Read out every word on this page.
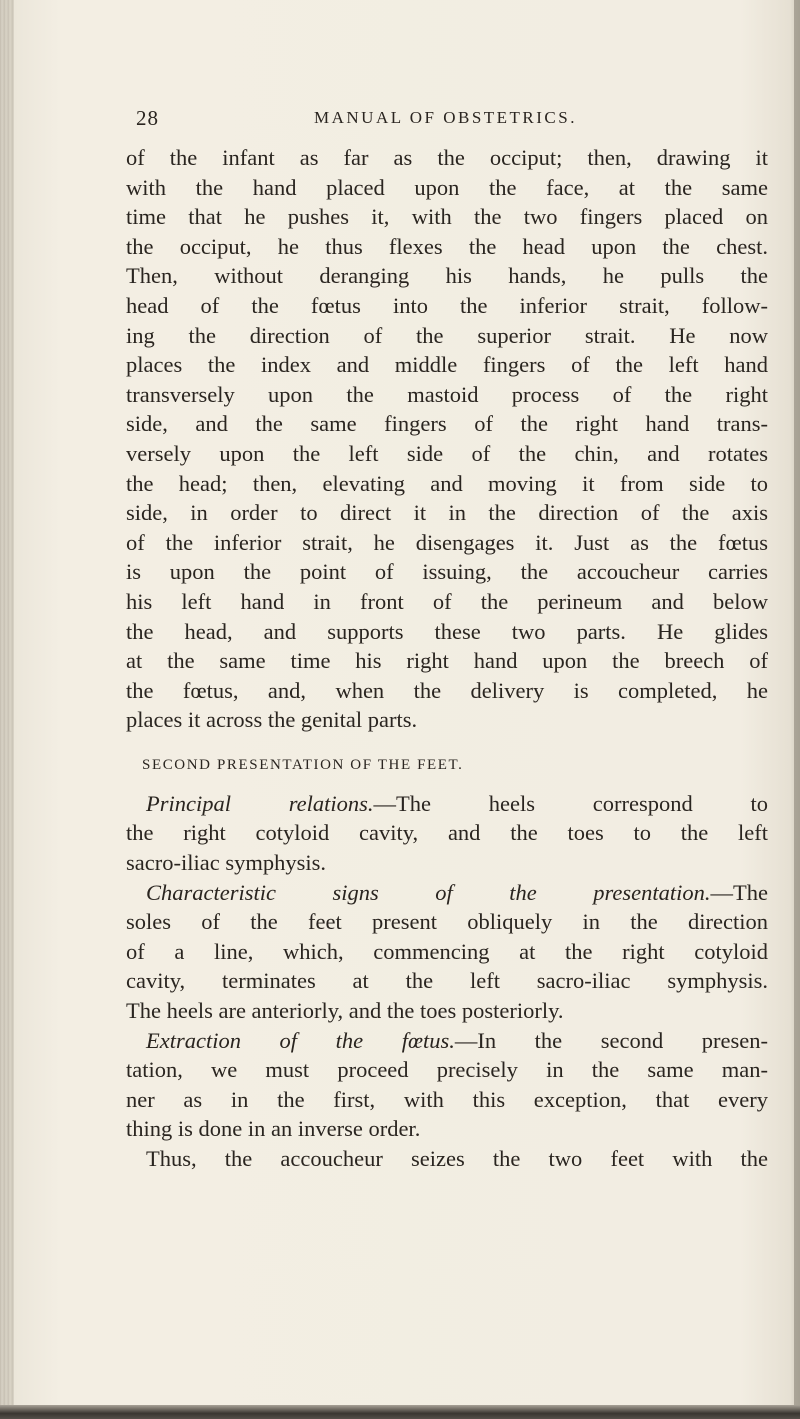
28	MANUAL OF OBSTETRICS.
of the infant as far as the occiput; then, drawing it
with the hand placed upon the face, at the same
time that he pushes it, with the two fingers placed on
the occiput, he thus flexes the head upon the chest.
Then, without deranging his hands, he pulls the
head of the fœtus into the inferior strait, follow-
ing the direction of the superior strait. He now
places the index and middle fingers of the left hand
transversely upon the mastoid process of the right
side, and the same fingers of the right hand trans-
versely upon the left side of the chin, and rotates
the head; then, elevating and moving it from side to
side, in order to direct it in the direction of the axis
of the inferior strait, he disengages it. Just as the fœtus
is upon the point of issuing, the accoucheur carries
his left hand in front of the perineum and below
the head, and supports these two parts. He glides
at the same time his right hand upon the breech of
the fœtus, and, when the delivery is completed, he
places it across the genital parts.
SECOND PRESENTATION OF THE FEET.
Principal relations.—The heels correspond to
the right cotyloid cavity, and the toes to the left
sacro-iliac symphysis.
Characteristic signs of the presentation.—The
soles of the feet present obliquely in the direction
of a line, which, commencing at the right cotyloid
cavity, terminates at the left sacro-iliac symphysis.
The heels are anteriorly, and the toes posteriorly.
Extraction of the fœtus.—In the second presen-
tation, we must proceed precisely in the same man-
ner as in the first, with this exception, that every
thing is done in an inverse order.
Thus, the accoucheur seizes the two feet with the
